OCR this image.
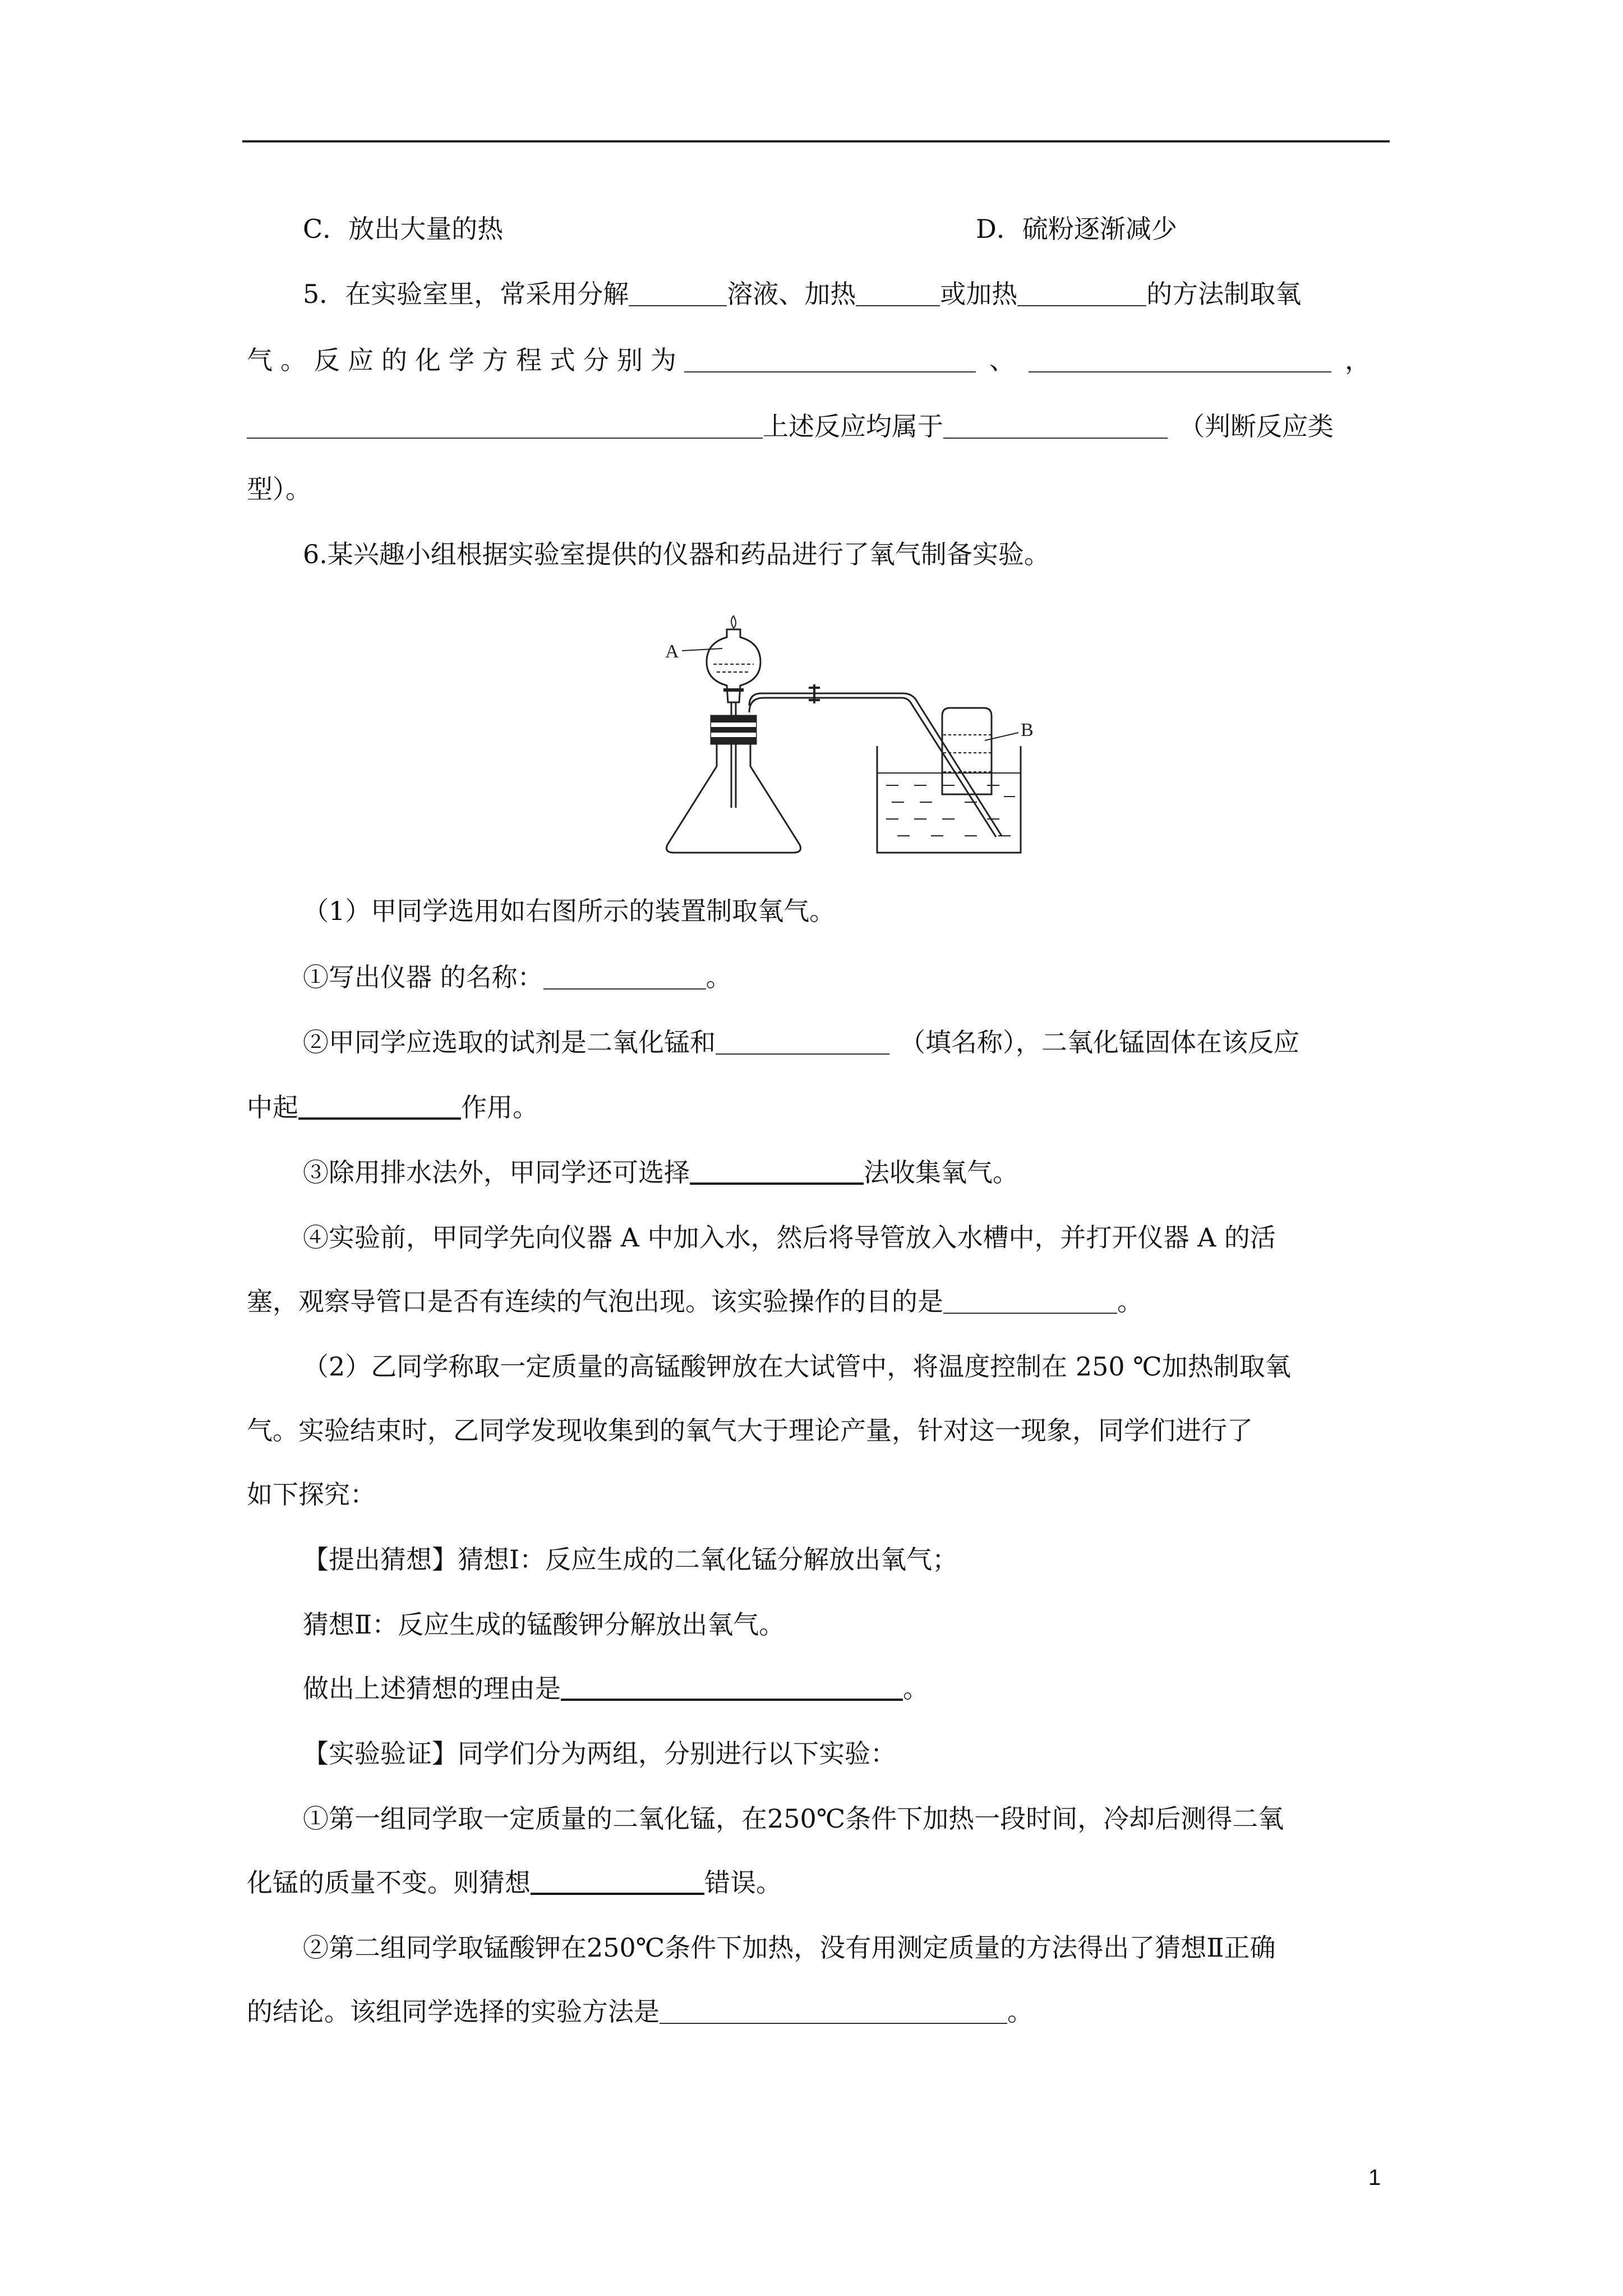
C．放出大量的热	D．硫粉逐渐减少
5．在实验室里，常采用分解	溶液、加热	或加热	的方法制取氧
气。反应的化学方程式分别为	、	，
上述反应均属于	（判断反应类
型）。
6.某兴趣小组根据实验室提供的仪器和药品进行了氧气制备实验。
A
B
（1）甲同学选用如右图所示的装置制取氧气。
①写出仪器 的名称：	。
②甲同学应选取的试剂是二氧化锰和	（填名称），二氧化锰固体在该反应
中起	作用。
③除用排水法外，甲同学还可选择	法收集氧气。
④实验前，甲同学先向仪器 A 中加入水，然后将导管放入水槽中，并打开仪器 A 的活
塞，观察导管口是否有连续的气泡出现。该实验操作的目的是	。
（2）乙同学称取一定质量的高锰酸钾放在大试管中，将温度控制在 250 ℃加热制取氧
气。实验结束时，乙同学发现收集到的氧气大于理论产量，针对这一现象，同学们进行了
如下探究：
【提出猜想】猜想Ⅰ：反应生成的二氧化锰分解放出氧气；
猜想Ⅱ：反应生成的锰酸钾分解放出氧气。
做出上述猜想的理由是	。
【实验验证】同学们分为两组，分别进行以下实验：
①第一组同学取一定质量的二氧化锰，在250℃条件下加热一段时间，冷却后测得二氧
化锰的质量不变。则猜想	错误。
②第二组同学取锰酸钾在250℃条件下加热，没有用测定质量的方法得出了猜想Ⅱ正确
的结论。该组同学选择的实验方法是	。
1
